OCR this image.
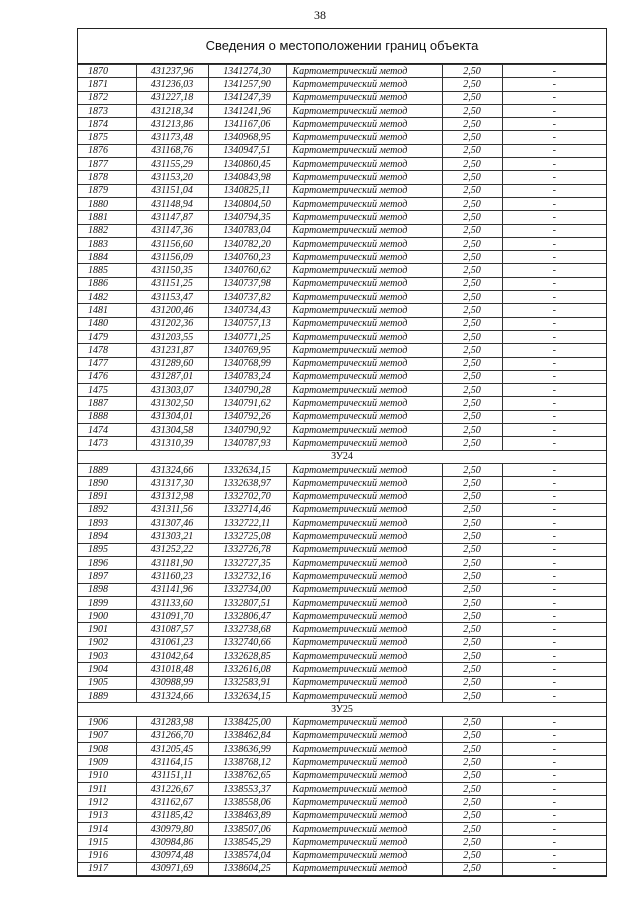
38
Сведения о местоположении границ объекта
1870	431237,96	1341274,30	Картометрический метод	2,50	-
1871	431236,03	1341257,90	Картометрический метод	2,50	-
1872	431227,18	1341247,39	Картометрический метод	2,50	-
1873	431218,34	1341241,96	Картометрический метод	2,50	-
1874	431213,86	1341167,06	Картометрический метод	2,50	-
1875	431173,48	1340968,95	Картометрический метод	2,50	-
1876	431168,76	1340947,51	Картометрический метод	2,50	-
1877	431155,29	1340860,45	Картометрический метод	2,50	-
1878	431153,20	1340843,98	Картометрический метод	2,50	-
1879	431151,04	1340825,11	Картометрический метод	2,50	-
1880	431148,94	1340804,50	Картометрический метод	2,50	-
1881	431147,87	1340794,35	Картометрический метод	2,50	-
1882	431147,36	1340783,04	Картометрический метод	2,50	-
1883	431156,60	1340782,20	Картометрический метод	2,50	-
1884	431156,09	1340760,23	Картометрический метод	2,50	-
1885	431150,35	1340760,62	Картометрический метод	2,50	-
1886	431151,25	1340737,98	Картометрический метод	2,50	-
1482	431153,47	1340737,82	Картометрический метод	2,50	-
1481	431200,46	1340734,43	Картометрический метод	2,50	-
1480	431202,36	1340757,13	Картометрический метод	2,50	-
1479	431203,55	1340771,25	Картометрический метод	2,50	-
1478	431231,87	1340769,95	Картометрический метод	2,50	-
1477	431289,60	1340768,99	Картометрический метод	2,50	-
1476	431287,01	1340783,24	Картометрический метод	2,50	-
1475	431303,07	1340790,28	Картометрический метод	2,50	-
1887	431302,50	1340791,62	Картометрический метод	2,50	-
1888	431304,01	1340792,26	Картометрический метод	2,50	-
1474	431304,58	1340790,92	Картометрический метод	2,50	-
1473	431310,39	1340787,93	Картометрический метод	2,50	-
ЗУ24					
1889	431324,66	1332634,15	Картометрический метод	2,50	-
1890	431317,30	1332638,97	Картометрический метод	2,50	-
1891	431312,98	1332702,70	Картометрический метод	2,50	-
1892	431311,56	1332714,46	Картометрический метод	2,50	-
1893	431307,46	1332722,11	Картометрический метод	2,50	-
1894	431303,21	1332725,08	Картометрический метод	2,50	-
1895	431252,22	1332726,78	Картометрический метод	2,50	-
1896	431181,90	1332727,35	Картометрический метод	2,50	-
1897	431160,23	1332732,16	Картометрический метод	2,50	-
1898	431141,96	1332734,00	Картометрический метод	2,50	-
1899	431133,60	1332807,51	Картометрический метод	2,50	-
1900	431091,70	1332806,47	Картометрический метод	2,50	-
1901	431087,57	1332738,68	Картометрический метод	2,50	-
1902	431061,23	1332740,66	Картометрический метод	2,50	-
1903	431042,64	1332628,85	Картометрический метод	2,50	-
1904	431018,48	1332616,08	Картометрический метод	2,50	-
1905	430988,99	1332583,91	Картометрический метод	2,50	-
1889	431324,66	1332634,15	Картометрический метод	2,50	-
ЗУ25					
1906	431283,98	1338425,00	Картометрический метод	2,50	-
1907	431266,70	1338462,84	Картометрический метод	2,50	-
1908	431205,45	1338636,99	Картометрический метод	2,50	-
1909	431164,15	1338768,12	Картометрический метод	2,50	-
1910	431151,11	1338762,65	Картометрический метод	2,50	-
1911	431226,67	1338553,37	Картометрический метод	2,50	-
1912	431162,67	1338558,06	Картометрический метод	2,50	-
1913	431185,42	1338463,89	Картометрический метод	2,50	-
1914	430979,80	1338507,06	Картометрический метод	2,50	-
1915	430984,86	1338545,29	Картометрический метод	2,50	-
1916	430974,48	1338574,04	Картометрический метод	2,50	-
1917	430971,69	1338604,25	Картометрический метод	2,50	-
